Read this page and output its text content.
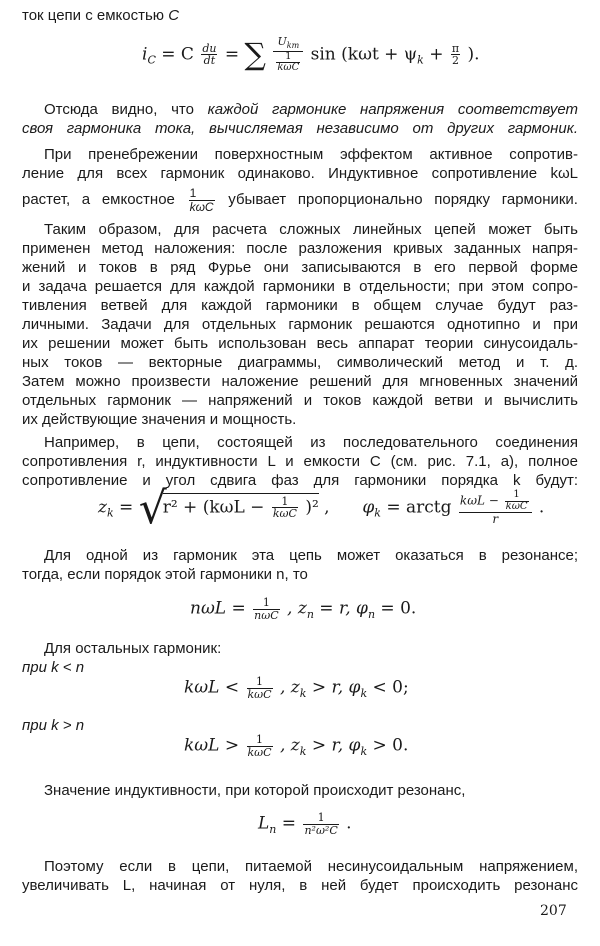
ток цепи с емкостью C
$i_C = C \frac{du}{dt}$ = ∑ $\frac{U_{km}}{\frac{1}{\text{kωC}}}$ $\sin (k\omega t + \psi_k + \frac{\pi}{2}$ ).
Отсюда видно, что каждой гармонике напряжения соответствует
своя гармоника тока, вычисляемая независимо от других гармоник.
При пренебрежении поверхностным эффектом активное сопротив-
ление для всех гармоник одинаково. Индуктивное сопротивление kωL
растет, а емкостное $\frac{1}{\text{kωC}}$ убывает пропорционально порядку гармоники.
Таким образом, для расчета сложных линейных цепей может быть
применен метод наложения: после разложения кривых заданных напря-
жений и токов в ряд Фурье они записываются в его первой форме
и задача решается для каждой гармоники в отдельности; при этом сопро-
тивления ветвей для каждой гармоники в общем случае будут раз-
личными. Задачи для отдельных гармоник решаются однотипно и при
их решении может быть использован весь аппарат теории синусоидаль-
ных токов — векторные диаграммы, символический метод и т. д.
Затем можно произвести наложение решений для мгновенных значений
отдельных гармоник — напряжений и токов каждой ветви и вычислить
их действующие значения и мощность.
Например, в цепи, состоящей из последовательного соединения
сопротивления r, индуктивности L и емкости C (см. рис. 7.1, a), полное
сопротивление и угол сдвига фаз для гармоники порядка k будут:
$z_k$ = √
$r^2 + (k\omega L - \frac{1}{\text{kωC}} )^2$ , $\varphi_k$ = arctg $\frac{k\omega L - \frac{1}{\text{kωC}}}{r}$ .
Для одной из гармоник эта цепь может оказаться в резонансе;
тогда, если порядок этой гармоники n, то
$n\omega L = \frac{1}{\text{nωC}}$ , $z_n = r$, $\varphi_n = 0$.
Для остальных гармоник:
при k < n
$k\omega L < \frac{1}{\text{kωC}}$ , $z_k > r$, $\varphi_k < 0$;
при k > n
$k\omega L > \frac{1}{\text{kωC}}$ , $z_k > r$, $\varphi_k > 0$.
Значение индуктивности, при которой происходит резонанс,
$L_n = \frac{1}{\text{n²ω²C}}$ .
Поэтому если в цепи, питаемой несинусоидальным напряжением,
увеличивать L, начиная от нуля, в ней будет происходить резонанс
207
